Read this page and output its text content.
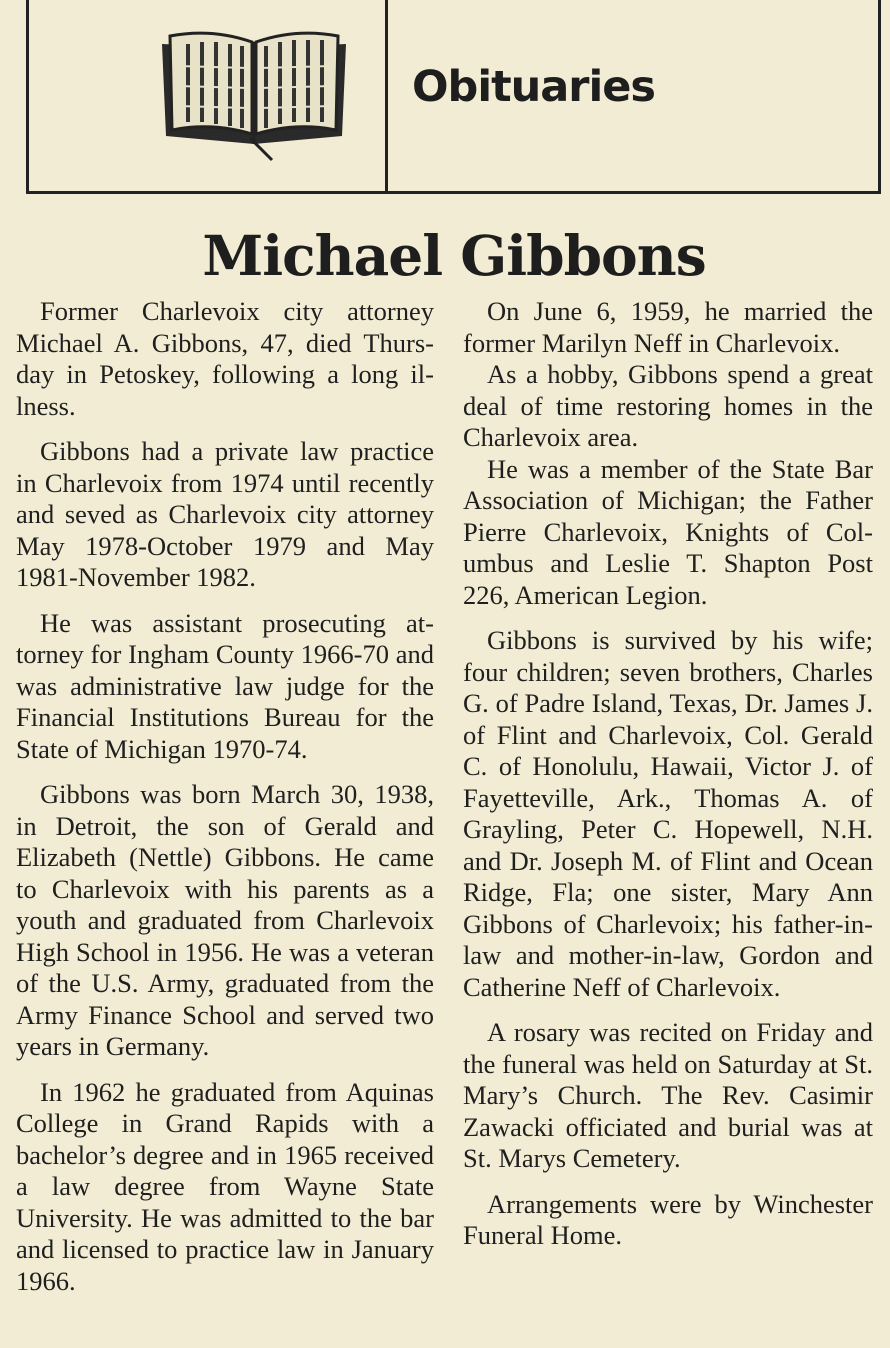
Obituaries
Michael Gibbons

Former Charlevoix city attorney Michael A. Gibbons, 47, died Thursday in Petoskey, following a long illness.

Gibbons had a private law practice in Charlevoix from 1974 until recently and seved as Charlevoix city attorney May 1978-October 1979 and May 1981-November 1982.

He was assistant prosecuting attorney for Ingham County 1966-70 and was administrative law judge for the Financial Institutions Bureau for the State of Michigan 1970-74.

Gibbons was born March 30, 1938, in Detroit, the son of Gerald and Elizabeth (Nettle) Gibbons. He came to Charlevoix with his parents as a youth and graduated from Charlevoix High School in 1956. He was a veteran of the U.S. Army, graduated from the Army Finance School and served two years in Germany.

In 1962 he graduated from Aquinas College in Grand Rapids with a bachelor’s degree and in 1965 received a law degree from Wayne State University. He was admitted to the bar and licensed to practice law in January 1966.

On June 6, 1959, he married the former Marilyn Neff in Charlevoix.

As a hobby, Gibbons spend a great deal of time restoring homes in the Charlevoix area.

He was a member of the State Bar Association of Michigan; the Father Pierre Charlevoix, Knights of Columbus and Leslie T. Shapton Post 226, American Legion.

Gibbons is survived by his wife; four children; seven brothers, Charles G. of Padre Island, Texas, Dr. James J. of Flint and Charlevoix, Col. Gerald C. of Honolulu, Hawaii, Victor J. of Fayetteville, Ark., Thomas A. of Grayling, Peter C. Hopewell, N.H. and Dr. Joseph M. of Flint and Ocean Ridge, Fla; one sister, Mary Ann Gibbons of Charlevoix; his father-in-law and mother-in-law, Gordon and Catherine Neff of Charlevoix.

A rosary was recited on Friday and the funeral was held on Saturday at St. Mary’s Church. The Rev. Casimir Zawacki officiated and burial was at St. Marys Cemetery.

Arrangements were by Winchester Funeral Home.
